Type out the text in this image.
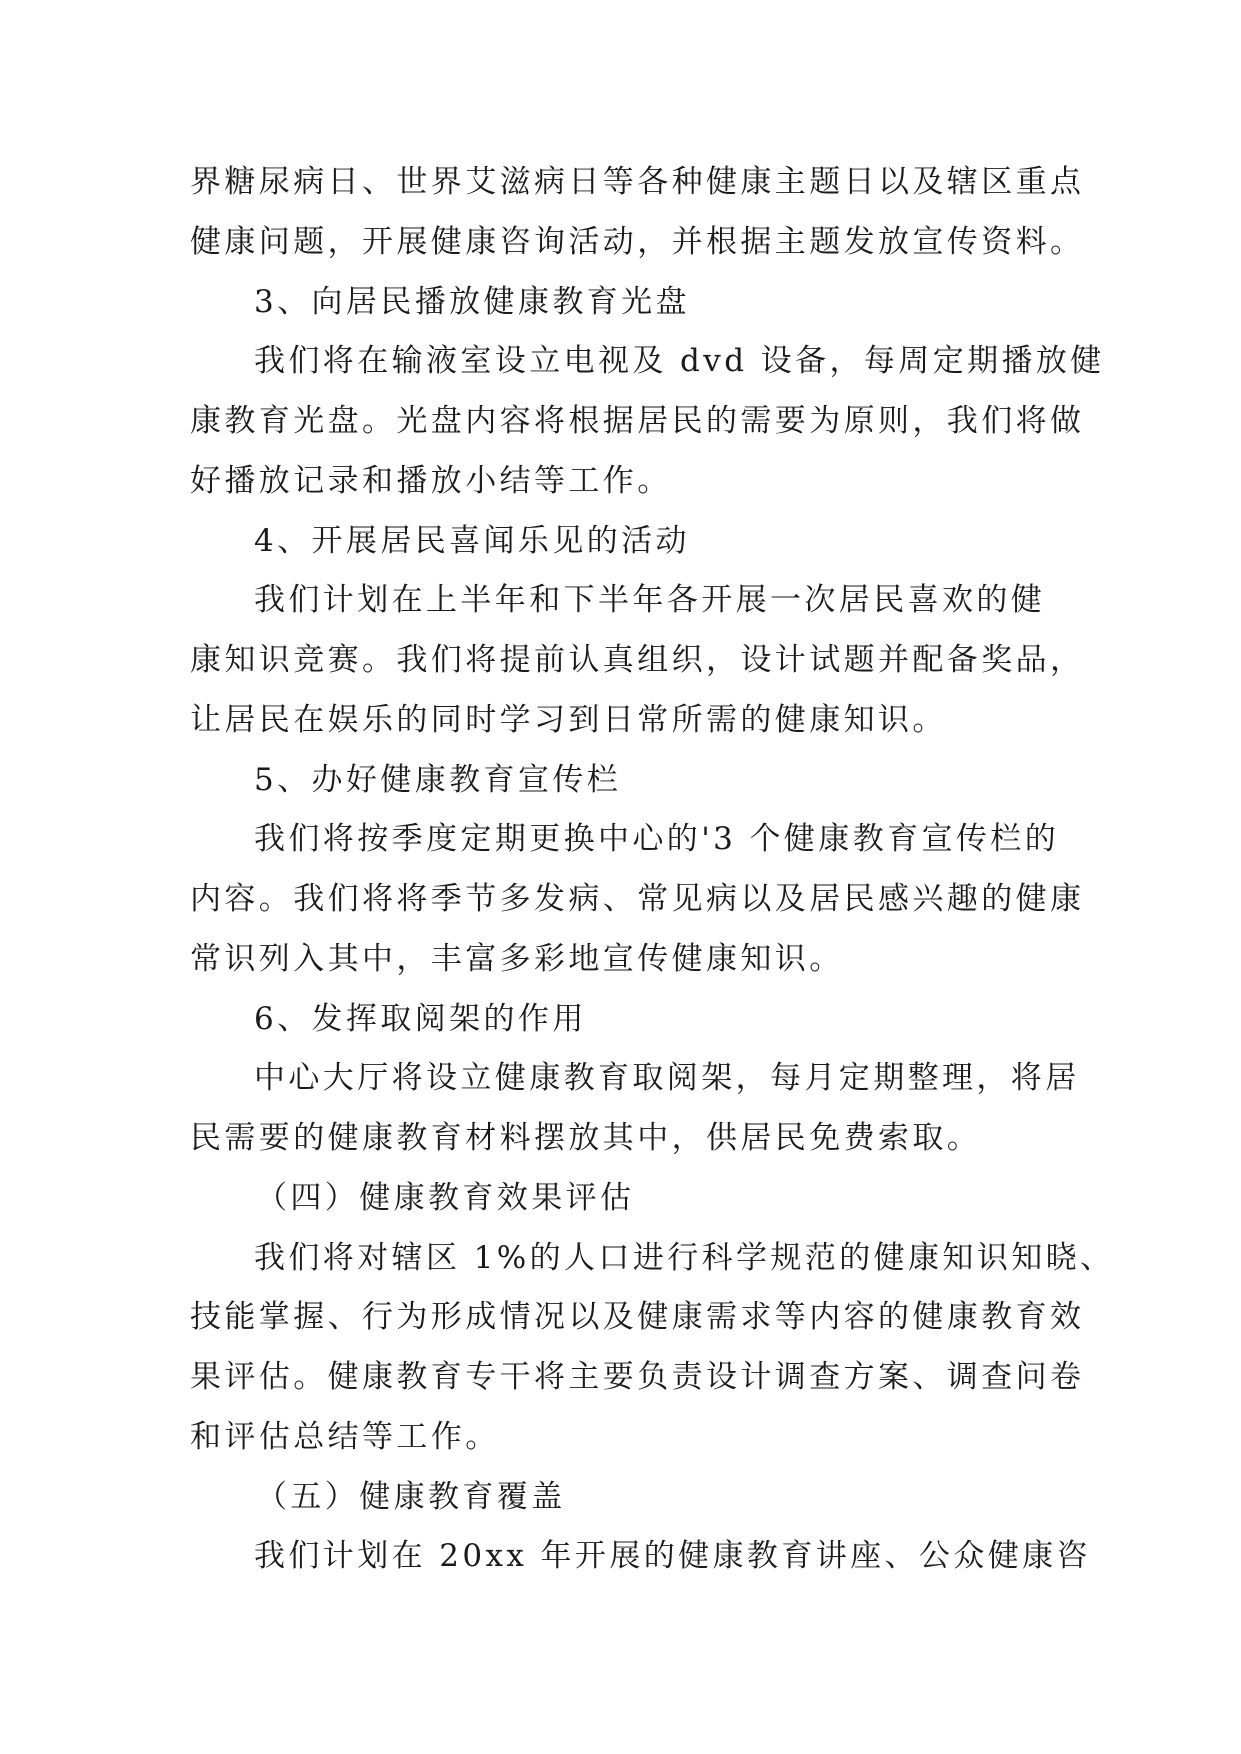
界糖尿病日、世界艾滋病日等各种健康主题日以及辖区重点

健康问题，开展健康咨询活动，并根据主题发放宣传资料。

3、向居民播放健康教育光盘

我们将在输液室设立电视及 dvd 设备，每周定期播放健

康教育光盘。光盘内容将根据居民的需要为原则，我们将做

好播放记录和播放小结等工作。

4、开展居民喜闻乐见的活动

我们计划在上半年和下半年各开展一次居民喜欢的健

康知识竞赛。我们将提前认真组织，设计试题并配备奖品，

让居民在娱乐的同时学习到日常所需的健康知识。

5、办好健康教育宣传栏

我们将按季度定期更换中心的'3 个健康教育宣传栏的

内容。我们将将季节多发病、常见病以及居民感兴趣的健康

常识列入其中，丰富多彩地宣传健康知识。

6、发挥取阅架的作用

中心大厅将设立健康教育取阅架，每月定期整理，将居

民需要的健康教育材料摆放其中，供居民免费索取。

（四）健康教育效果评估

我们将对辖区 1%的人口进行科学规范的健康知识知晓、

技能掌握、行为形成情况以及健康需求等内容的健康教育效

果评估。健康教育专干将主要负责设计调查方案、调查问卷

和评估总结等工作。

（五）健康教育覆盖

我们计划在 20xx 年开展的健康教育讲座、公众健康咨
